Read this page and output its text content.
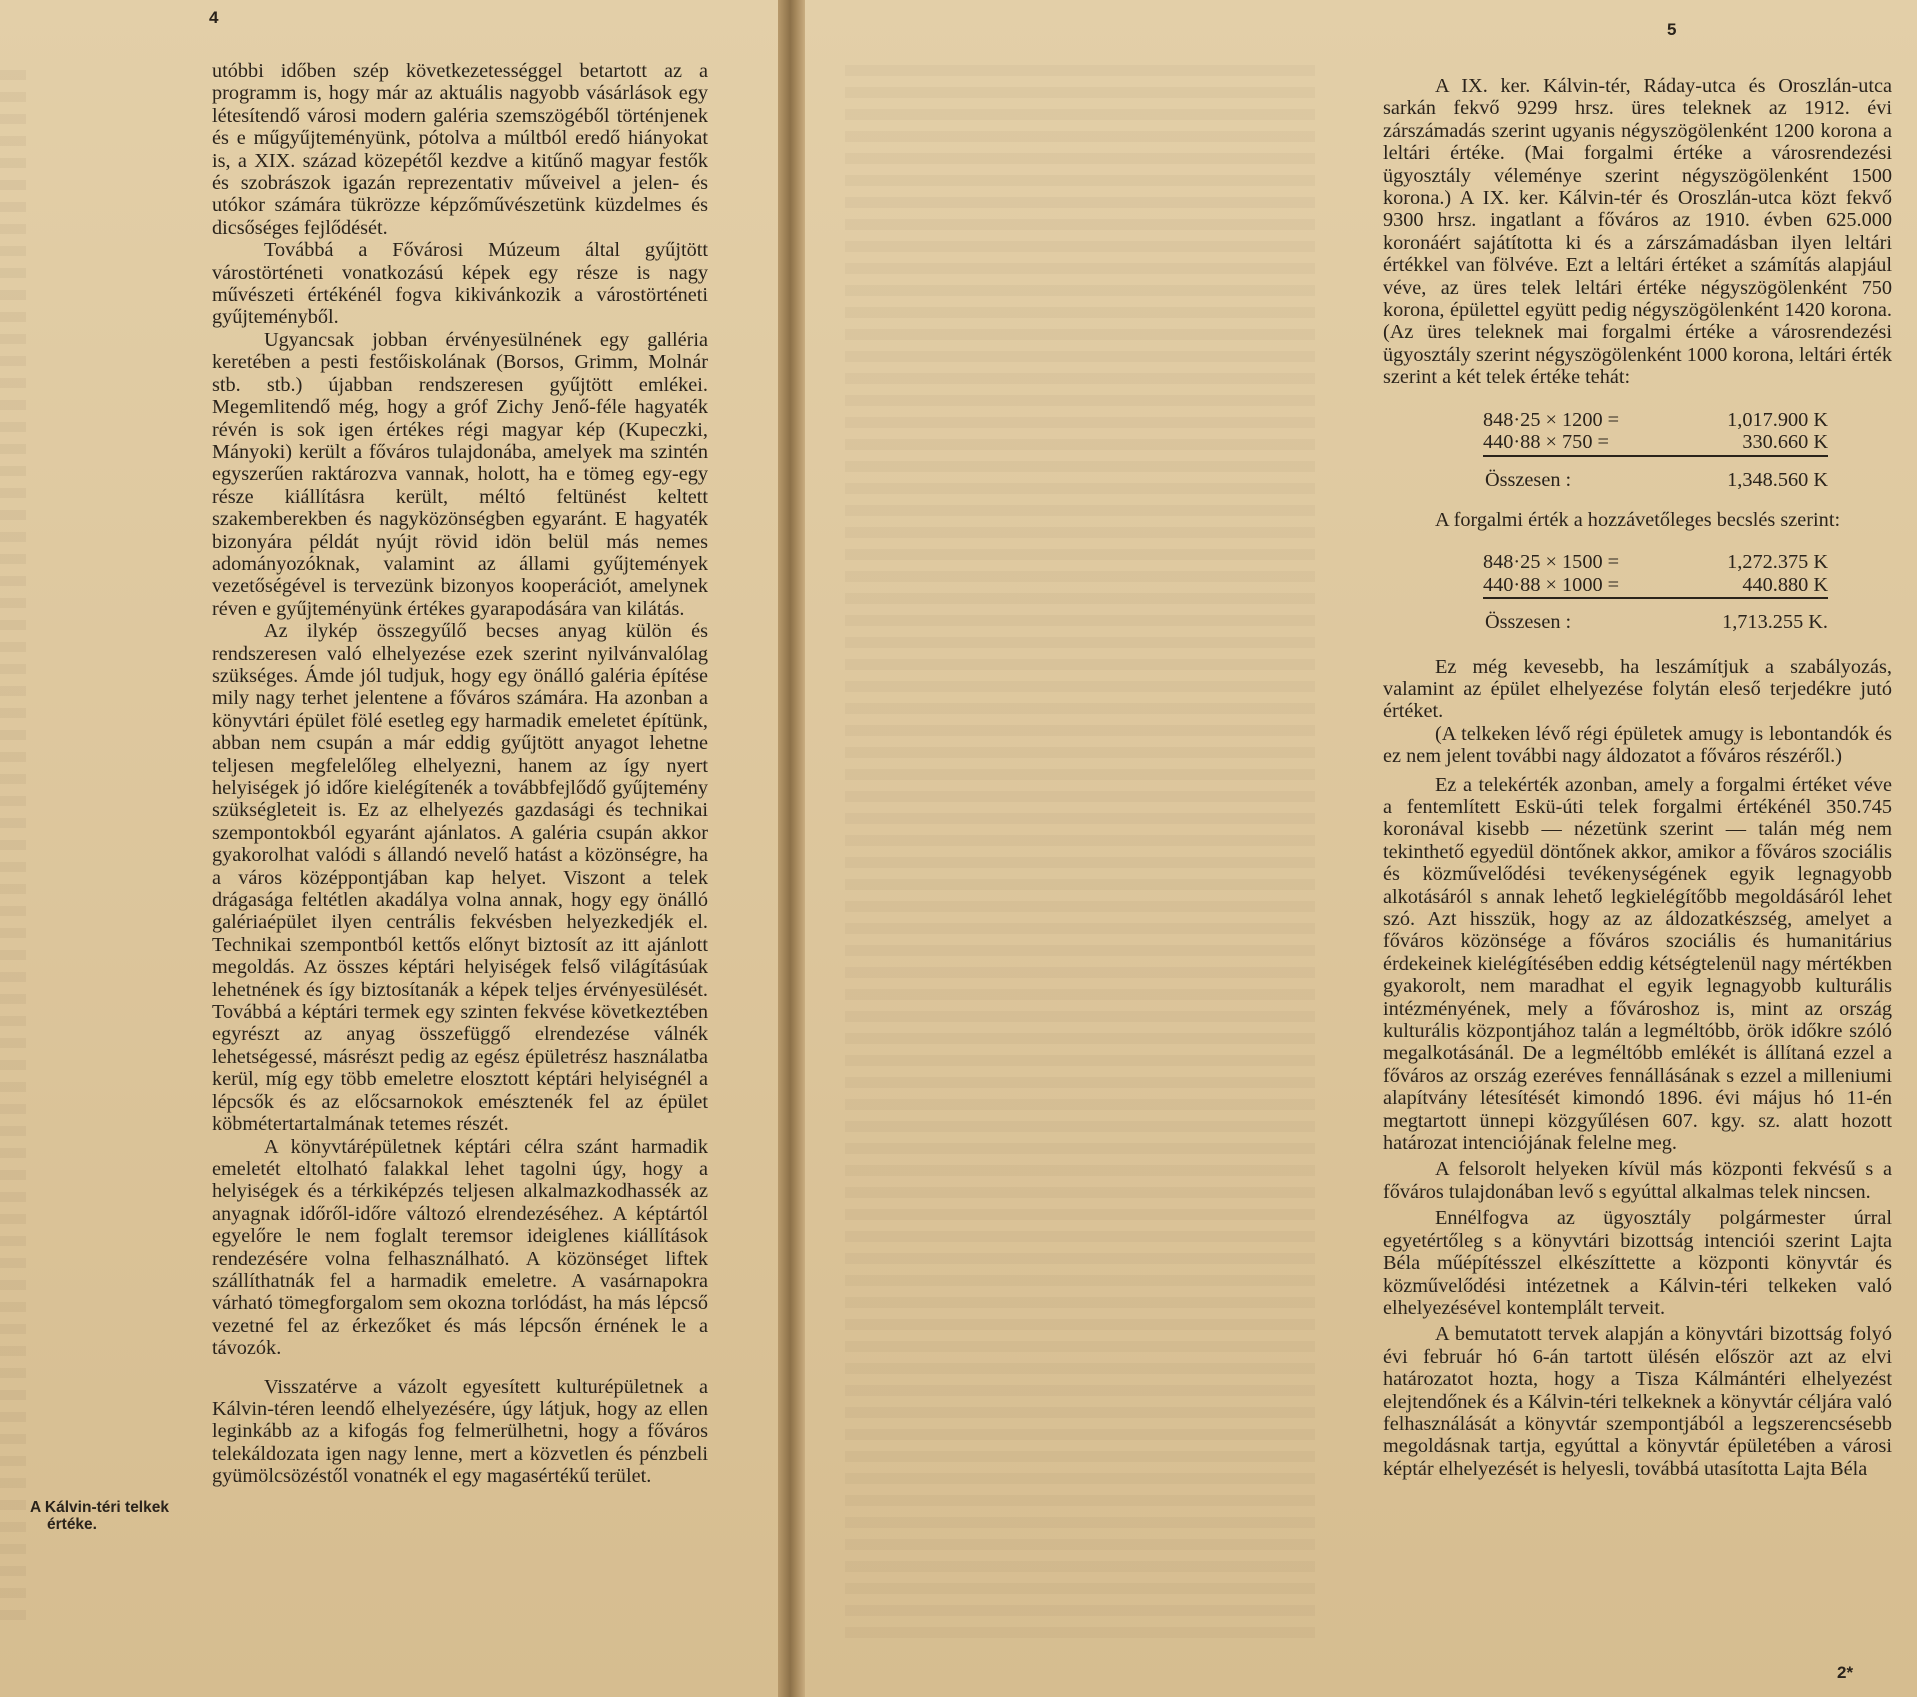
4

utóbbi időben szép következetességgel betartott az a programm is, hogy már az aktuális nagyobb vásárlások egy létesítendő városi modern galéria szemszögéből történjenek és e műgyűjteményünk, pótolva a múltból eredő hiányokat is, a XIX. század közepétől kezdve a kitűnő magyar festők és szobrászok igazán reprezentativ műveivel a jelen- és utókor számára tükrözze képzőművészetünk küzdelmes és dicsőséges fejlődését.

Továbbá a Fővárosi Múzeum által gyűjtött várostörténeti vonatkozású képek egy része is nagy művészeti értékénél fogva kikivánkozik a várostörténeti gyűjteményből.

Ugyancsak jobban érvényesülnének egy galléria keretében a pesti festőiskolának (Borsos, Grimm, Molnár stb. stb.) újabban rendszeresen gyűjtött emlékei. Megemlitendő még, hogy a gróf Zichy Jenő-féle hagyaték révén is sok igen értékes régi magyar kép (Kupeczki, Mányoki) került a főváros tulajdonába, amelyek ma szintén egyszerűen raktározva vannak, holott, ha e tömeg egy-egy része kiállításra került, méltó feltünést keltett szakemberekben és nagyközönségben egyaránt. E hagyaték bizonyára példát nyújt rövid idön belül más nemes adományozóknak, valamint az állami gyűjtemények vezetőségével is tervezünk bizonyos kooperációt, amelynek réven e gyűjteményünk értékes gyarapodására van kilátás.

Az ilykép összegyűlő becses anyag külön és rendszeresen való elhelyezése ezek szerint nyilvánvalólag szükséges. Ámde jól tudjuk, hogy egy önálló galéria építése mily nagy terhet jelentene a főváros számára. Ha azonban a könyvtári épület fölé esetleg egy harmadik emeletet építünk, abban nem csupán a már eddig gyűjtött anyagot lehetne teljesen megfelelőleg elhelyezni, hanem az így nyert helyiségek jó időre kielégítenék a továbbfejlődő gyűjtemény szükségleteit is. Ez az elhelyezés gazdasági és technikai szempontokból egyaránt ajánlatos. A galéria csupán akkor gyakorolhat valódi s állandó nevelő hatást a közönségre, ha a város középpontjában kap helyet. Viszont a telek drágasága feltétlen akadálya volna annak, hogy egy önálló galériaépület ilyen centrális fekvésben helyezkedjék el. Technikai szempontból kettős előnyt biztosít az itt ajánlott megoldás. Az összes képtári helyiségek felső világításúak lehetnének és így biztosítanák a képek teljes érvényesülését. Továbbá a képtári termek egy szinten fekvése következtében egyrészt az anyag összefüggő elrendezése válnék lehetségessé, másrészt pedig az egész épületrész használatba kerül, míg egy több emeletre elosztott képtári helyiségnél a lépcsők és az előcsarnokok emésztenék fel az épület köbmétertartalmának tetemes részét.

A könyvtárépületnek képtári célra szánt harmadik emeletét eltolható falakkal lehet tagolni úgy, hogy a helyiségek és a térkiképzés teljesen alkalmazkodhassék az anyagnak időről-időre változó elrendezéséhez. A képtártól egyelőre le nem foglalt teremsor ideiglenes kiállítások rendezésére volna felhasználható. A közönséget liftek szállíthatnák fel a harmadik emeletre. A vasárnapokra várható tömegforgalom sem okozna torlódást, ha más lépcső vezetné fel az érkezőket és más lépcsőn érnének le a távozók.

Visszatérve a vázolt egyesített kulturépületnek a Kálvin-téren leendő elhelyezésére, úgy látjuk, hogy az ellen leginkább az a kifogás fog felmerülhetni, hogy a főváros telekáldozata igen nagy lenne, mert a közvetlen és pénzbeli gyümölcsözéstől vonatnék el egy magasértékű terület.

A Kálvin-téri telkek
értéke.
5

A IX. ker. Kálvin-tér, Ráday-utca és Oroszlán-utca sarkán fekvő 9299 hrsz. üres teleknek az 1912. évi zárszámadás szerint ugyanis négyszögölenként 1200 korona a leltári értéke. (Mai forgalmi értéke a városrendezési ügyosztály véleménye szerint négyszögölenként 1500 korona.) A IX. ker. Kálvin-tér és Oroszlán-utca közt fekvő 9300 hrsz. ingatlant a főváros az 1910. évben 625.000 koronáért sajátította ki és a zárszámadásban ilyen leltári értékkel van fölvéve. Ezt a leltári értéket a számítás alapjául véve, az üres telek leltári értéke négyszögölenként 750 korona, épülettel együtt pedig négyszögölenként 1420 korona. (Az üres teleknek mai forgalmi értéke a városrendezési ügyosztály szerint négyszögölenként 1000 korona, leltári érték szerint a két telek értéke tehát:

848·25 × 1200 =	1,017.900 K
440·88 × 750 =	330.660 K
Összesen :	1,348.560 K

A forgalmi érték a hozzávetőleges becslés szerint:

848·25 × 1500 =	1,272.375 K
440·88 × 1000 =	440.880 K
Összesen :	1,713.255 K.

Ez még kevesebb, ha leszámítjuk a szabályozás, valamint az épület elhelyezése folytán eleső terjedékre jutó értéket.

(A telkeken lévő régi épületek amugy is lebontandók és ez nem jelent további nagy áldozatot a főváros részéről.)

Ez a telekérték azonban, amely a forgalmi értéket véve a fentemlített Eskü-úti telek forgalmi értékénél 350.745 koronával kisebb — nézetünk szerint — talán még nem tekinthető egyedül döntőnek akkor, amikor a főváros szociális és közművelődési tevékenységének egyik legnagyobb alkotásáról s annak lehető legkielégítőbb megoldásáról lehet szó. Azt hisszük, hogy az az áldozatkészség, amelyet a főváros közönsége a főváros szociális és humanitárius érdekeinek kielégítésében eddig kétségtelenül nagy mértékben gyakorolt, nem maradhat el egyik legnagyobb kulturális intézményének, mely a fővároshoz is, mint az ország kulturális központjához talán a legméltóbb, örök időkre szóló megalkotásánál. De a legméltóbb emlékét is állítaná ezzel a főváros az ország ezeréves fennállásának s ezzel a milleniumi alapítvány létesítését kimondó 1896. évi május hó 11-én megtartott ünnepi közgyűlésen 607. kgy. sz. alatt hozott határozat intenciójának felelne meg.

A felsorolt helyeken kívül más központi fekvésű s a főváros tulajdonában levő s egyúttal alkalmas telek nincsen.

Ennélfogva az ügyosztály polgármester úrral egyetértőleg s a könyvtári bizottság intenciói szerint Lajta Béla műépítésszel elkészíttette a központi könyvtár és közművelődési intézetnek a Kálvin-téri telkeken való elhelyezésével kontemplált terveit.

A bemutatott tervek alapján a könyvtári bizottság folyó évi február hó 6-án tartott ülésén először azt az elvi határozatot hozta, hogy a Tisza Kálmántéri elhelyezést elejtendőnek és a Kálvin-téri telkeknek a könyvtár céljára való felhasználását a könyvtár szempontjából a legszerencsésebb megoldásnak tartja, egyúttal a könyvtár épületében a városi képtár elhelyezését is helyesli, továbbá utasította Lajta Béla

2*
